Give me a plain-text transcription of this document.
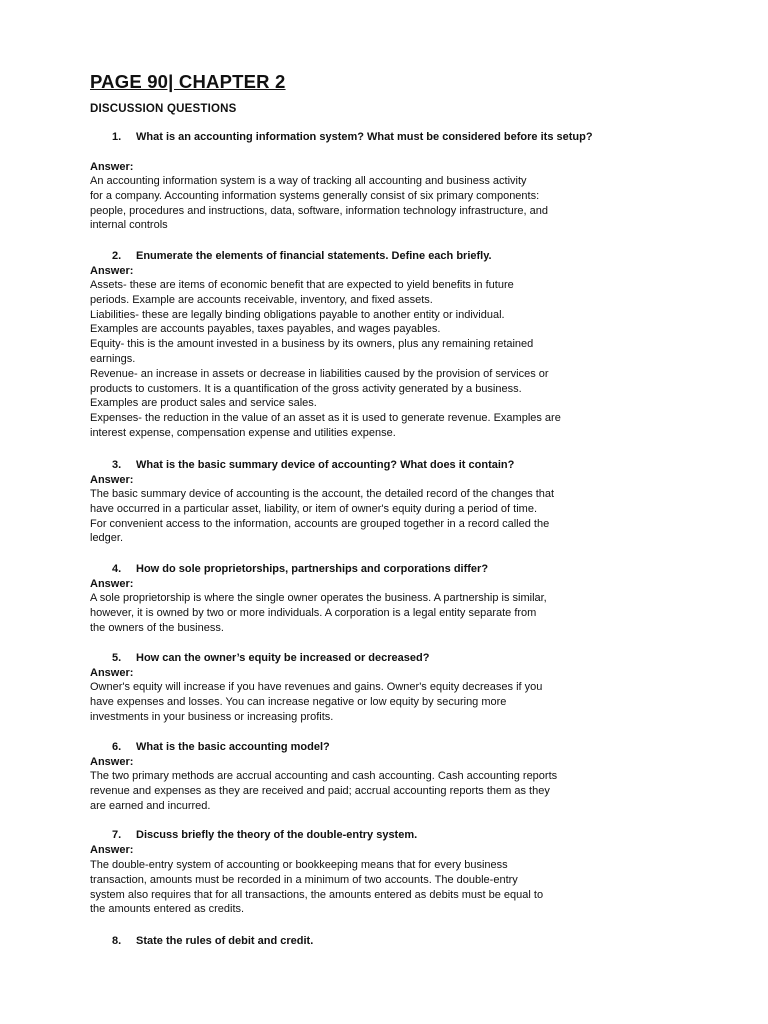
PAGE 90| CHAPTER 2
DISCUSSION QUESTIONS
1.	What is an accounting information system? What must be considered before its setup?
Answer:
An accounting information system is a way of tracking all accounting and business activity
for a company. Accounting information systems generally consist of six primary components:
people, procedures and instructions, data, software, information technology infrastructure, and
internal controls
2.	Enumerate the elements of financial statements. Define each briefly.
Answer:
Assets- these are items of economic benefit that are expected to yield benefits in future
periods. Example are accounts receivable, inventory, and fixed assets.
Liabilities- these are legally binding obligations payable to another entity or individual.
Examples are accounts payables, taxes payables, and wages payables.
Equity- this is the amount invested in a business by its owners, plus any remaining retained
earnings.
Revenue- an increase in assets or decrease in liabilities caused by the provision of services or
products to customers. It is a quantification of the gross activity generated by a business.
Examples are product sales and service sales.
Expenses- the reduction in the value of an asset as it is used to generate revenue. Examples are
interest expense, compensation expense and utilities expense.
3.	What is the basic summary device of accounting? What does it contain?
Answer:
The basic summary device of accounting is the account, the detailed record of the changes that
have occurred in a particular asset, liability, or item of owner's equity during a period of time.
For convenient access to the information, accounts are grouped together in a record called the
ledger.
4.	How do sole proprietorships, partnerships and corporations differ?
Answer:
A sole proprietorship is where the single owner operates the business. A partnership is similar,
however, it is owned by two or more individuals. A corporation is a legal entity separate from
the owners of the business.
5.	How can the owner’s equity be increased or decreased?
Answer:
Owner's equity will increase if you have revenues and gains. Owner's equity decreases if you
have expenses and losses. You can increase negative or low equity by securing more
investments in your business or increasing profits.
6.	What is the basic accounting model?
Answer:
The two primary methods are accrual accounting and cash accounting. Cash accounting reports
revenue and expenses as they are received and paid; accrual accounting reports them as they
are earned and incurred.
7.	Discuss briefly the theory of the double-entry system.
Answer:
The double-entry system of accounting or bookkeeping means that for every business
transaction, amounts must be recorded in a minimum of two accounts. The double-entry
system also requires that for all transactions, the amounts entered as debits must be equal to
the amounts entered as credits.
8.	State the rules of debit and credit.
